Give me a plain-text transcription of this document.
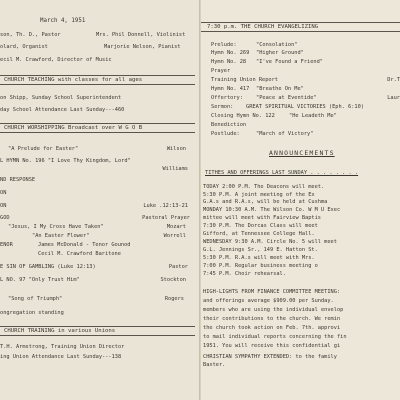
March 4, 1951
son, Th. D., Pastor	Mrs. Phil Donnell, Violinist
olard, Organist	Marjorie Nelson, Pianist
ecil M. Crawford, Director of Music
CHURCH TEACHING with classes for all ages
on Shipp, Sunday School Superintendent
day School Attendance Last Sunday---460
CHURCH WORSHIPPING Broadcast over W G O B
"A Prelude for Easter"	Wilson
L HYMN No. 196 "I Love Thy Kingdom, Lord"
Williams
ND RESPONSE
ON
ON	Luke .12:13-21
GOD	Pastoral Prayer
"Jesus, I My Cross Have Taken"	Mozart
"An Easter Flower"	Worrell
ENOR	James McDonald - Tenor Gounod
Cecil M. Crawford Baritone
E SIN OF GAMBLING (Luke 12:13)	Pastor
L NO. 97 "Only Trust Him"	Stockton
"Song of Triumph"	Rogers
ongregation standing
CHURCH TRAINING in various Unions
T.H. Armstrong, Training Union Director
ing Union Attendance Last Sunday---138
7:30 p.m. THE CHURCH EVANGELIZING
Prelude:	"Consolation"
Hymn No. 269 "Higher Ground"
Hymn No. 28 "I've Found a Friend"
Prayer
Training Union Report	Dr.T
Hymn No. 417 "Breathe On Me"
Offertory: "Peace at Eventide"	Laur
Sermon: GREAT SPIRITUAL VICTORIES (Eph. 6:10)
Closing Hymn No. 122	"He Leadeth Me"
Benediction
Postlude:	"March of Victory"
ANNOUNCEMENTS
TITHES AND OFFERINGS LAST SUNDAY . . . . . . . .
TODAY 2:00 P.M. The Deacons will meet.
5:30 P.M. A joint meeting of the Ex
G.A.s and R.A.s, will be held at Cushma
MONDAY 10:30 A.M. The Wilson Co. W M U Exec
mittee will meet with Fairview Baptis
7:30 P.M. The Dorcas Class will meet
Gifford, at Tennessee College Hall.
WEDNESDAY 9:30 A.M. Circle No. 5 will meet
G.L. Jennings Sr., 149 E. Hatton St.
5:30 P.M. R.A.s will meet with Mrs.
7:00 P.M. Regular business meeting o
7:45 P.M. Choir rehearsal.
HIGH-LIGHTS FROM FINANCE COMMITTEE MEETING:
and offerings average $909.00 per Sunday.
members who are using the individual envelop
their contributions to the church. We remin
the church took action on Feb. 7th. approvi
to mail individual reports concerning the fin
1951. You will receive this confidential gi
CHRISTIAN SYMPATHY EXTENDED: to the family
Baxter.
